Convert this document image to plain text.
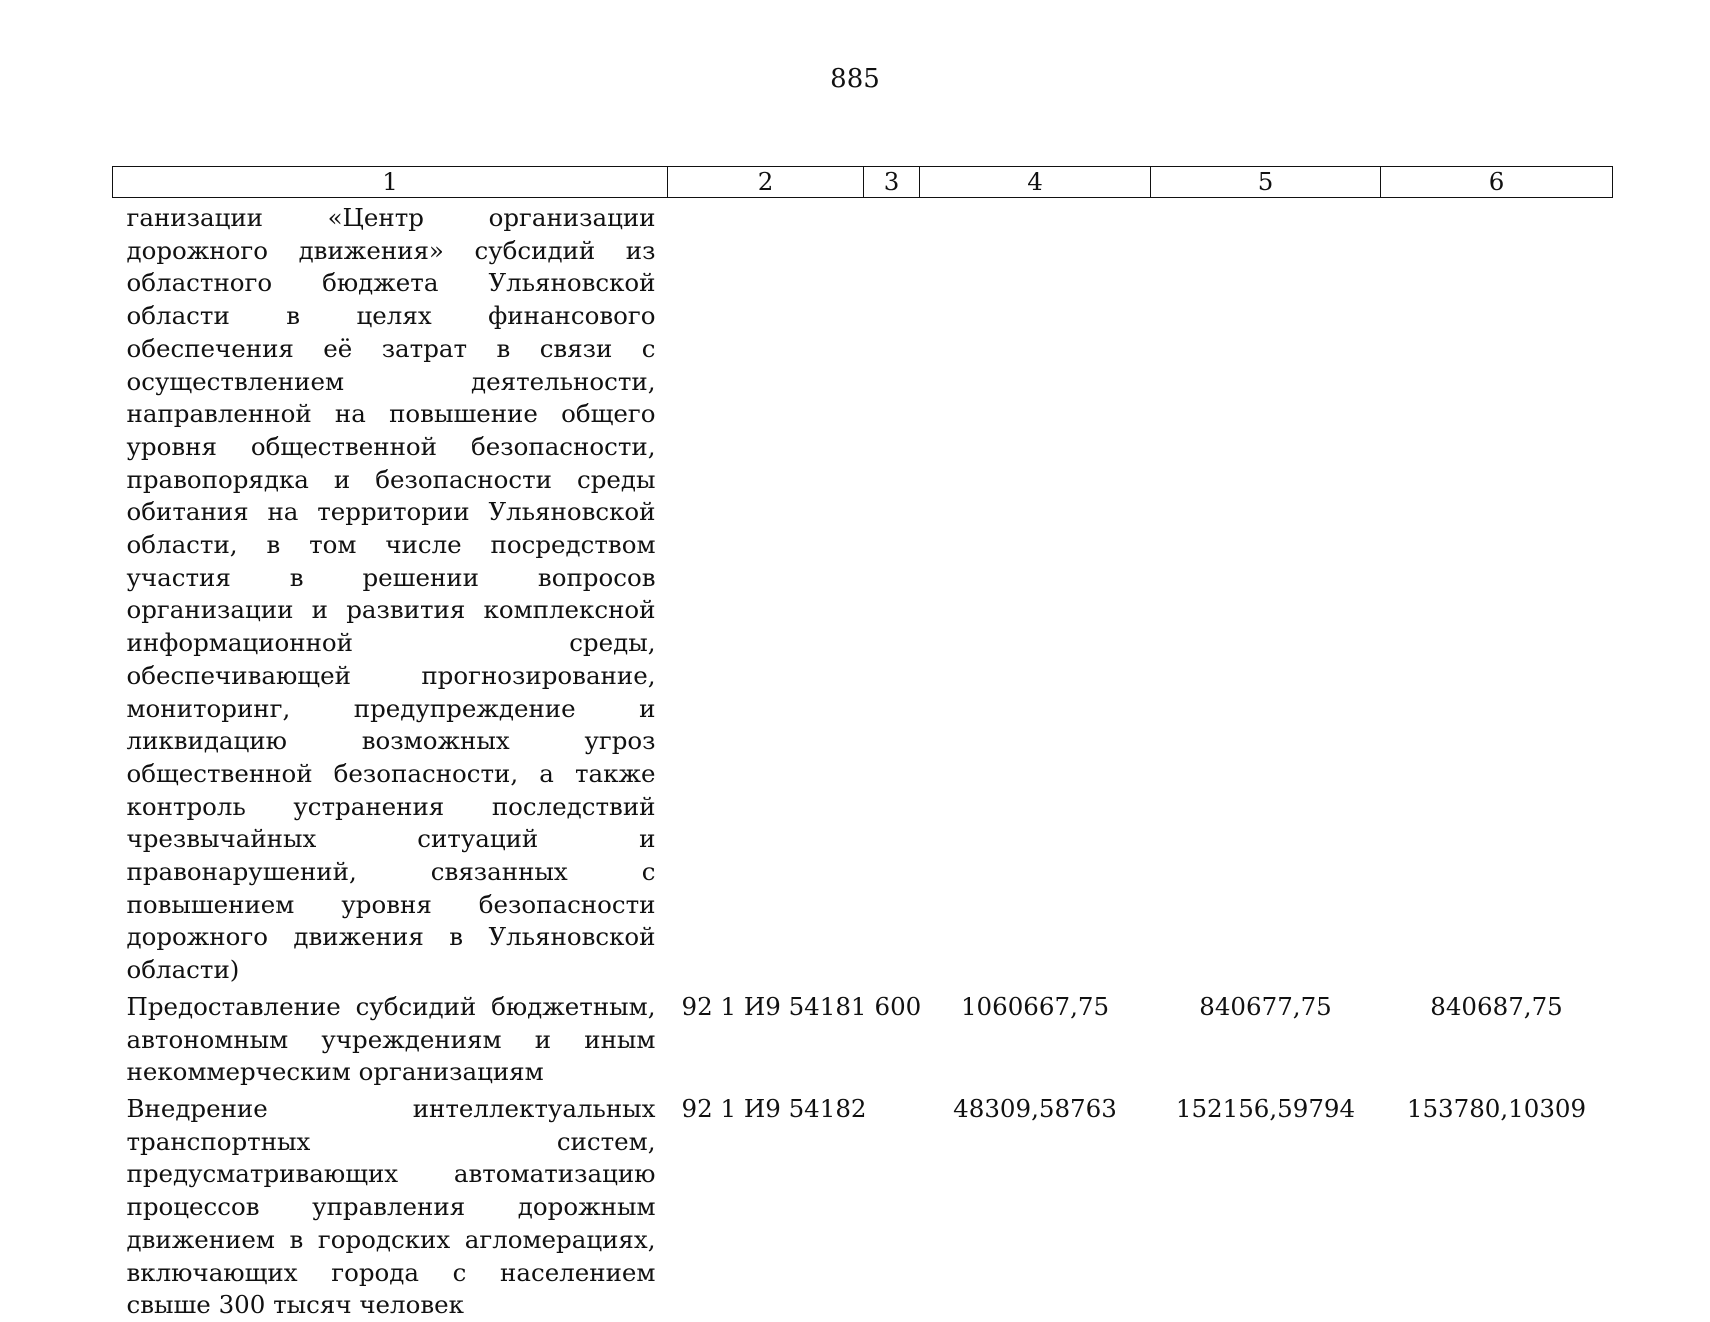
885
1	2	3	4	5	6
ганизации «Центр организации дорожного движения» субсидий из областного бюджета Ульяновской области в целях финансового обеспечения её затрат в связи с осуществлением деятельности, направленной на повышение общего уровня общественной безопасности, правопорядка и безопасности среды обитания на территории Ульяновской области, в том числе посредством участия в решении вопросов организации и развития комплексной информационной среды, обеспечивающей прогнозирование, мониторинг, предупреждение и ликвидацию возможных угроз общественной безопасности, а также контроль устранения последствий чрезвычайных ситуаций и правонарушений, связанных с повышением уровня безопасности дорожного движения в Ульяновской области)					
Предоставление субсидий бюджетным, автономным учреждениям и иным некоммерческим организациям	92 1 И9 54181	600	1060667,75	840677,75	840687,75
Внедрение интеллектуальных транспортных систем, предусматривающих автоматизацию процессов управления дорожным движением в городских агломерациях, включающих города с населением свыше 300 тысяч человек	92 1 И9 54182		48309,58763	152156,59794	153780,10309
